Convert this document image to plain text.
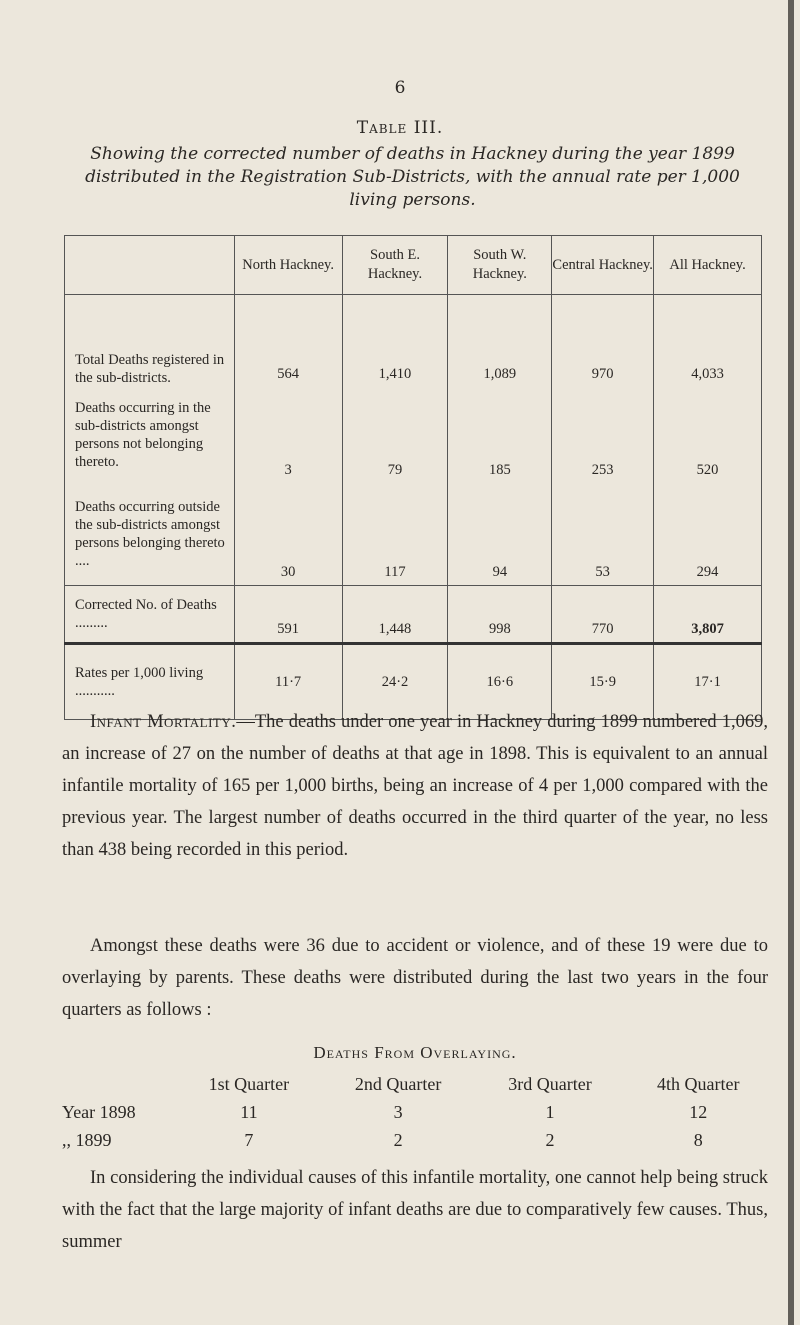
6
Table III.
Showing the corrected number of deaths in Hackney during the year 1899 distributed in the Registration Sub-Districts, with the annual rate per 1,000 living persons.
	North Hackney.	South E. Hackney.	South W. Hackney.	Central Hackney.	All Hackney.
Total Deaths registered in the sub-districts.	564	1,410	1,089	970	4,033
Deaths occurring in the sub-districts amongst persons not belonging thereto.	3	79	185	253	520
Deaths occurring outside the sub-districts amongst persons belonging thereto ....	30	117	94	53	294
Corrected No. of Deaths .........	591	1,448	998	770	3,807
Rates per 1,000 living ...........	11·7	24·2	16·6	15·9	17·1
Infant Mortality.—The deaths under one year in Hackney during 1899 numbered 1,069, an increase of 27 on the number of deaths at that age in 1898. This is equivalent to an annual infantile mortality of 165 per 1,000 births, being an increase of 4 per 1,000 compared with the previous year. The largest number of deaths occurred in the third quarter of the year, no less than 438 being recorded in this period.
Amongst these deaths were 36 due to accident or violence, and of these 19 were due to overlaying by parents. These deaths were distributed during the last two years in the four quarters as follows :
Deaths From Overlaying.
	1st Quarter	2nd Quarter	3rd Quarter	4th Quarter
Year 1898	11	3	1	12
,, 1899	7	2	2	8
In considering the individual causes of this infantile mortality, one cannot help being struck with the fact that the large majority of infant deaths are due to comparatively few causes. Thus, summer
